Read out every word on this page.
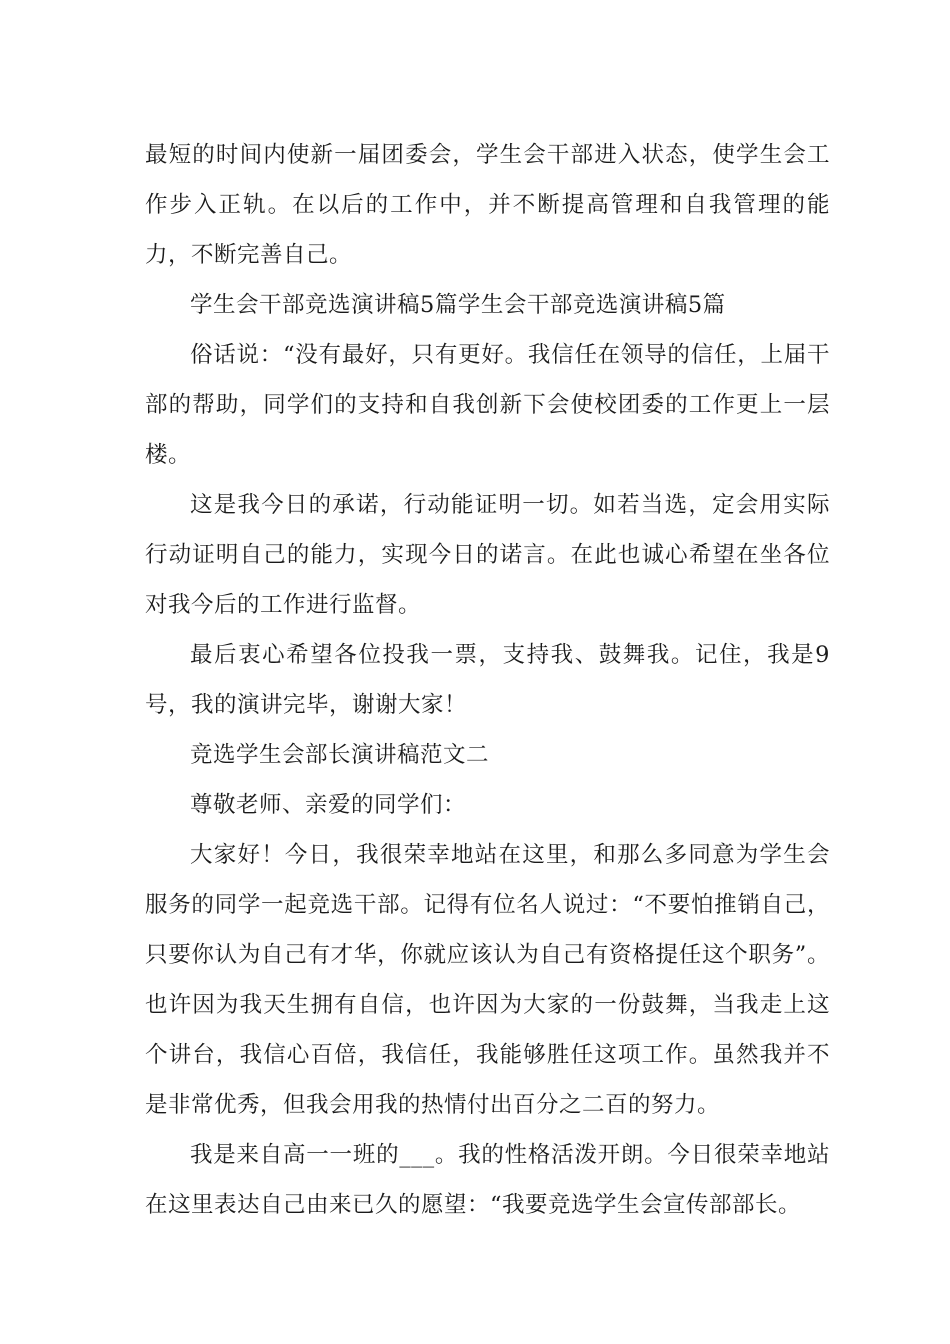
最短的时间内使新一届团委会，学生会干部进入状态，使学生会工作步入正轨。在以后的工作中，并不断提高管理和自我管理的能力，不断完善自己。

学生会干部竞选演讲稿5篇学生会干部竞选演讲稿5篇

俗话说：“没有最好，只有更好。我信任在领导的信任，上届干部的帮助，同学们的支持和自我创新下会使校团委的工作更上一层楼。

这是我今日的承诺，行动能证明一切。如若当选，定会用实际行动证明自己的能力，实现今日的诺言。在此也诚心希望在坐各位对我今后的工作进行监督。

最后衷心希望各位投我一票，支持我、鼓舞我。记住，我是9号，我的演讲完毕，谢谢大家！

竞选学生会部长演讲稿范文二

尊敬老师、亲爱的同学们：

大家好！今日，我很荣幸地站在这里，和那么多同意为学生会服务的同学一起竞选干部。记得有位名人说过：“不要怕推销自己，只要你认为自己有才华，你就应该认为自己有资格提任这个职务”。也许因为我天生拥有自信，也许因为大家的一份鼓舞，当我走上这个讲台，我信心百倍，我信任，我能够胜任这项工作。虽然我并不是非常优秀，但我会用我的热情付出百分之二百的努力。

我是来自高一一班的___。我的性格活泼开朗。今日很荣幸地站在这里表达自己由来已久的愿望：“我要竞选学生会宣传部部长。
